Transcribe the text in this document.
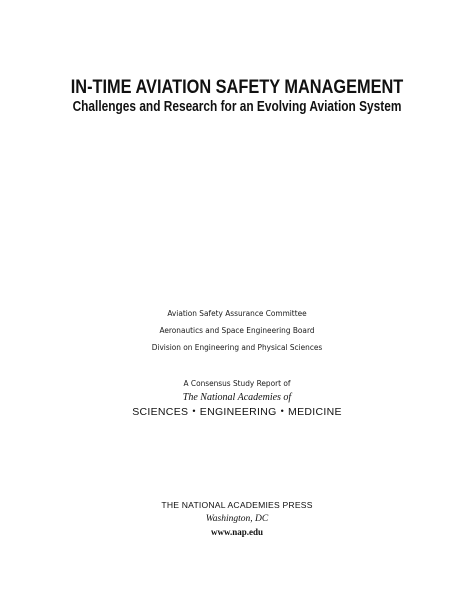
IN-TIME AVIATION SAFETY MANAGEMENT
Challenges and Research for an Evolving Aviation System
Aviation Safety Assurance Committee
Aeronautics and Space Engineering Board
Division on Engineering and Physical Sciences
A Consensus Study Report of
The National Academies of
SCIENCES • ENGINEERING • MEDICINE
THE NATIONAL ACADEMIES PRESS
Washington, DC
www.nap.edu
